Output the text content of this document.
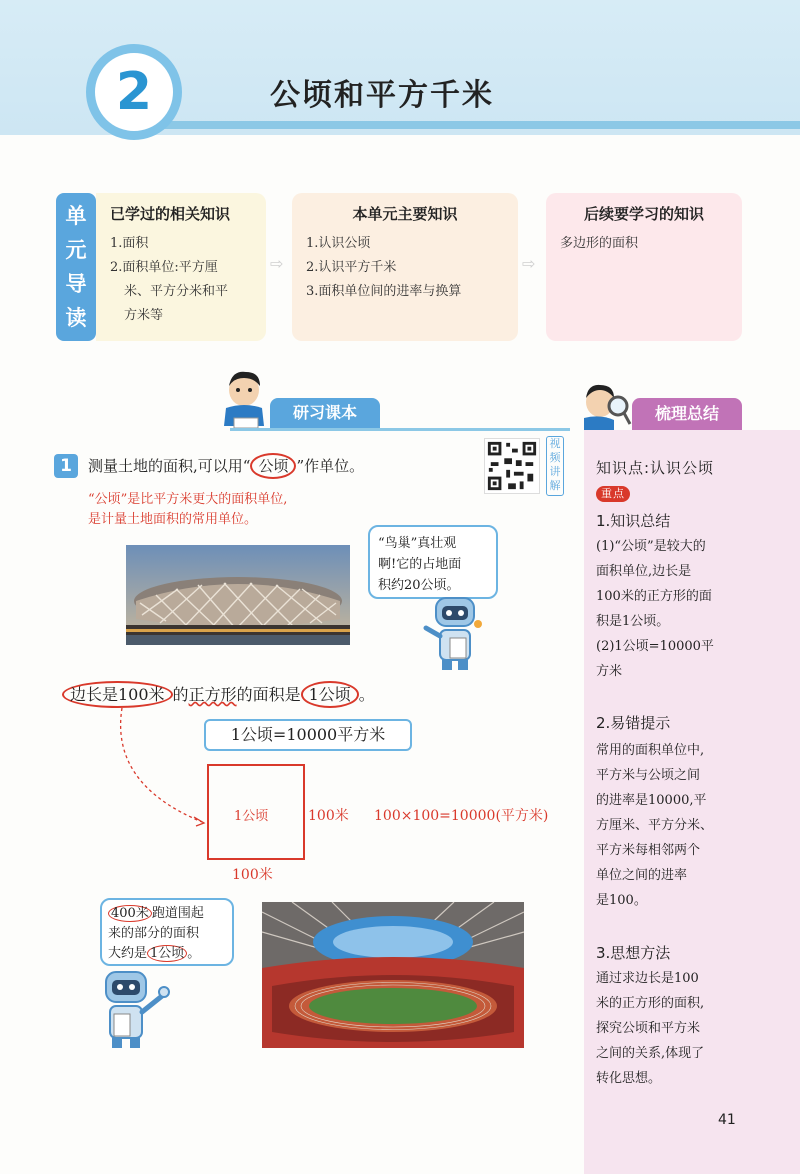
2	公顷和平方千米
单
元
导
读
已学过的相关知识

1.面积

2.面积单位:平方厘

米、平方分米和平

方米等

⇨
本单元主要知识

1.认识公顷

2.认识平方千米

3.面积单位间的进率与换算

⇨
后续要学习的知识

多边形的面积

研习课本	梳理总结
1	测量土地的面积,可以用“ 公顷 ”作单位。
“公顷”是比平方米更大的面积单位,
是计量土地面积的常用单位。
视频讲解
“鸟巢”真壮观
啊!它的占地面
积约20公顷。
边长是100米 的正方形的面积是 1公顷 。
1公顷=10000平方米
1公顷	100米 100×100=10000(平方米)
100米
400米 跑道围起
来的部分的面积
大约是 1公顷 。
知识点:认识公顷 重点
1.知识总结
(1)“公顷”是较大的
面积单位,边长是
100米的正方形的面
积是1公顷。
(2)1公顷=10000平
方米
2.易错提示
常用的面积单位中,
平方米与公顷之间
的进率是10000,平
方厘米、平方分米、
平方米每相邻两个
单位之间的进率
是100。
3.思想方法
通过求边长是100
米的正方形的面积,
探究公顷和平方米
之间的关系,体现了
转化思想。
41
